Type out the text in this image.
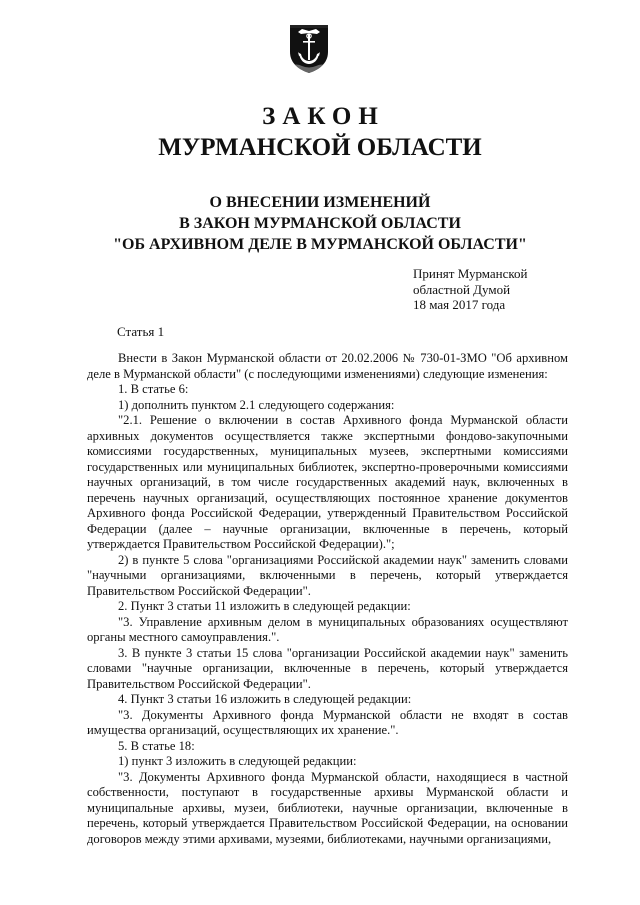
ЗАКОН
МУРМАНСКОЙ ОБЛАСТИ
О ВНЕСЕНИИ ИЗМЕНЕНИЙ
В ЗАКОН МУРМАНСКОЙ ОБЛАСТИ
"ОБ АРХИВНОМ ДЕЛЕ В МУРМАНСКОЙ ОБЛАСТИ"
Принят Мурманской
областной Думой
18 мая 2017 года
Статья 1

Внести в Закон Мурманской области от 20.02.2006 № 730-01-ЗМО "Об архивном деле в Мурманской области" (с последующими изменениями) следующие изменения:

1. В статье 6:

1) дополнить пунктом 2.1 следующего содержания:

"2.1. Решение о включении в состав Архивного фонда Мурманской области архивных документов осуществляется также экспертными фондово-закупочными комиссиями государственных, муниципальных музеев, экспертными комиссиями государственных или муниципальных библиотек, экспертно-проверочными комиссиями научных организаций, в том числе государственных академий наук, включенных в перечень научных организаций, осуществляющих постоянное хранение документов Архивного фонда Российской Федерации, утвержденный Правительством Российской Федерации (далее – научные организации, включенные в перечень, который утверждается Правительством Российской Федерации).";

2) в пункте 5 слова "организациями Российской академии наук" заменить словами "научными организациями, включенными в перечень, который утверждается Правительством Российской Федерации".

2. Пункт 3 статьи 11 изложить в следующей редакции:

"3. Управление архивным делом в муниципальных образованиях осуществляют органы местного самоуправления.".

3. В пункте 3 статьи 15 слова "организации Российской академии наук" заменить словами "научные организации, включенные в перечень, который утверждается Правительством Российской Федерации".

4. Пункт 3 статьи 16 изложить в следующей редакции:

"3. Документы Архивного фонда Мурманской области не входят в состав имущества организаций, осуществляющих их хранение.".

5. В статье 18:

1) пункт 3 изложить в следующей редакции:

"3. Документы Архивного фонда Мурманской области, находящиеся в частной собственности, поступают в государственные архивы Мурманской области и муниципальные архивы, музеи, библиотеки, научные организации, включенные в перечень, который утверждается Правительством Российской Федерации, на основании договоров между этими архивами, музеями, библиотеками, научными организациями,
